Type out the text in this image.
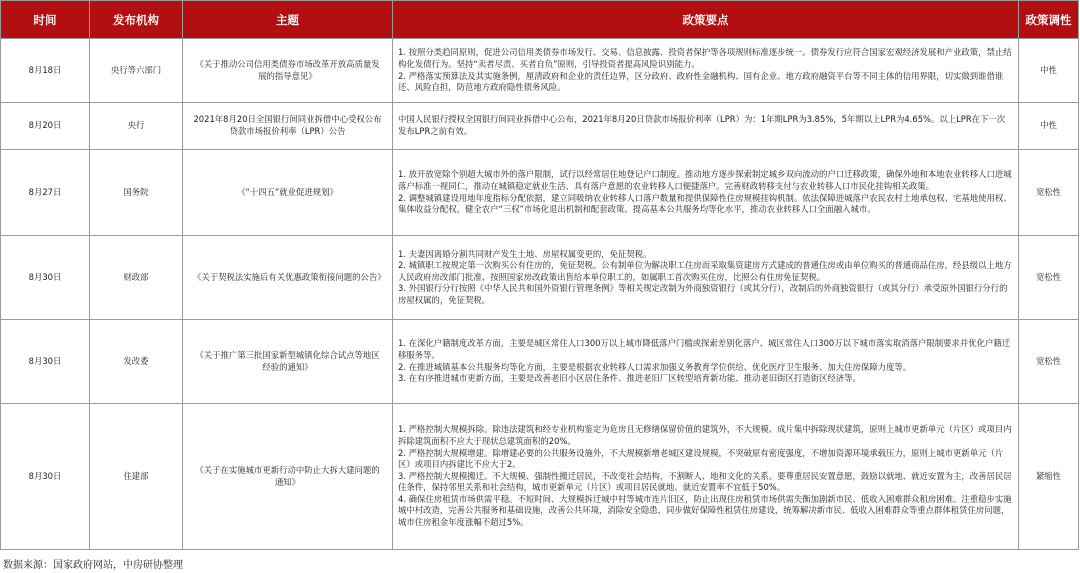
时间	发布机构	主题	政策要点	政策调性
8月18日	央行等六部门	《关于推动公司信用类债券市场改革开放高质量发展的指导意见》	1. 按照分类趋同原则，促进公司信用类债券市场发行、交易、信息披露、投资者保护等各项规则标准逐步统一。债券发行应符合国家宏观经济发展和产业政策，禁止结构化发债行为。坚持“卖者尽责、买者自负”原则，引导投资者提高风险识别能力。
2. 严格落实预算法及其实施条例，厘清政府和企业的责任边界，区分政府、政府性金融机构、国有企业、地方政府融资平台等不同主体的信用界限，切实做到谁借谁还、风险自担，防范地方政府隐性债务风险。	中性
8月20日	央行	2021年8月20日全国银行间同业拆借中心受权公布贷款市场报价利率（LPR）公告	中国人民银行授权全国银行间同业拆借中心公布，2021年8月20日贷款市场报价利率（LPR）为：1年期LPR为3.85%，5年期以上LPR为4.65%。以上LPR在下一次发布LPR之前有效。	中性
8月27日	国务院	《“十四五”就业促进规划》	1. 放开放宽除个别超大城市外的落户限制，试行以经常居住地登记户口制度。推动地方逐步探索制定城乡双向流动的户口迁移政策，确保外地和本地农业转移人口进城落户标准一视同仁，推动在城镇稳定就业生活、具有落户意愿的农业转移人口便捷落户。完善财政转移支付与农业转移人口市民化挂钩相关政策。
2. 调整城镇建设用地年度指标分配依据，建立同吸纳农业转移人口落户数量和提供保障性住房规模挂钩机制。依法保障进城落户农民农村土地承包权、宅基地使用权、集体收益分配权，健全农户“三权”市场化退出机制和配套政策。提高基本公共服务均等化水平，推动农业转移人口全面融入城市。	宽松性
8月30日	财政部	《关于契税法实施后有关优惠政策衔接问题的公告》	1. 夫妻因离婚分割共同财产发生土地、房屋权属变更的，免征契税。
2. 城镇职工按规定第一次购买公有住房的，免征契税。公有制单位为解决职工住房而采取集资建房方式建成的普通住房或由单位购买的普通商品住房，经县级以上地方人民政府房改部门批准、按照国家房改政策出售给本单位职工的，如属职工首次购买住房，比照公有住房免征契税。
3. 外国银行分行按照《中华人民共和国外资银行管理条例》等相关规定改制为外商独资银行（或其分行），改制后的外商独资银行（或其分行）承受原外国银行分行的房屋权属的，免征契税。	宽松性
8月30日	发改委	《关于推广第三批国家新型城镇化综合试点等地区经验的通知》	1. 在深化户籍制度改革方面，主要是城区常住人口300万以上城市降低落户门槛或探索差别化落户、城区常住人口300万以下城市落实取消落户限制要求并优化户籍迁移服务等。
2. 在推进城镇基本公共服务均等化方面，主要是根据农业转移人口需求加强义务教育学位供给、优化医疗卫生服务、加大住房保障力度等。
3. 在有序推进城市更新方面，主要是改善老旧小区居住条件、推进老旧厂区转型培育新功能、推动老旧街区打造街区经济等。	宽松性
8月30日	住建部	《关于在实施城市更新行动中防止大拆大建问题的通知》	1. 严格控制大规模拆除。除违法建筑和经专业机构鉴定为危房且无修缮保留价值的建筑外，不大规模、成片集中拆除现状建筑，原则上城市更新单元（片区）或项目内拆除建筑面积不应大于现状总建筑面积的20%。
2. 严格控制大规模增建。除增建必要的公共服务设施外，不大规模新增老城区建设规模，不突破原有密度强度，不增加资源环境承载压力，原则上城市更新单元（片区）或项目内拆建比不应大于2。
3. 严格控制大规模搬迁。不大规模、强制性搬迁居民，不改变社会结构，不割断人、地和文化的关系。要尊重居民安置意愿，鼓励以就地、就近安置为主，改善居民居住条件，保持邻里关系和社会结构，城市更新单元（片区）或项目居民就地、就近安置率不宜低于50%。
4. 确保住房租赁市场供需平稳。不短时间、大规模拆迁城中村等城市连片旧区，防止出现住房租赁市场供需失衡加剧新市民、低收入困难群众租房困难。注重稳步实施城中村改造，完善公共服务和基础设施，改善公共环境，消除安全隐患，同步做好保障性租赁住房建设，统筹解决新市民、低收入困难群众等重点群体租赁住房问题，城市住房租金年度涨幅不超过5%。	紧缩性
数据来源：国家政府网站，中房研协整理
